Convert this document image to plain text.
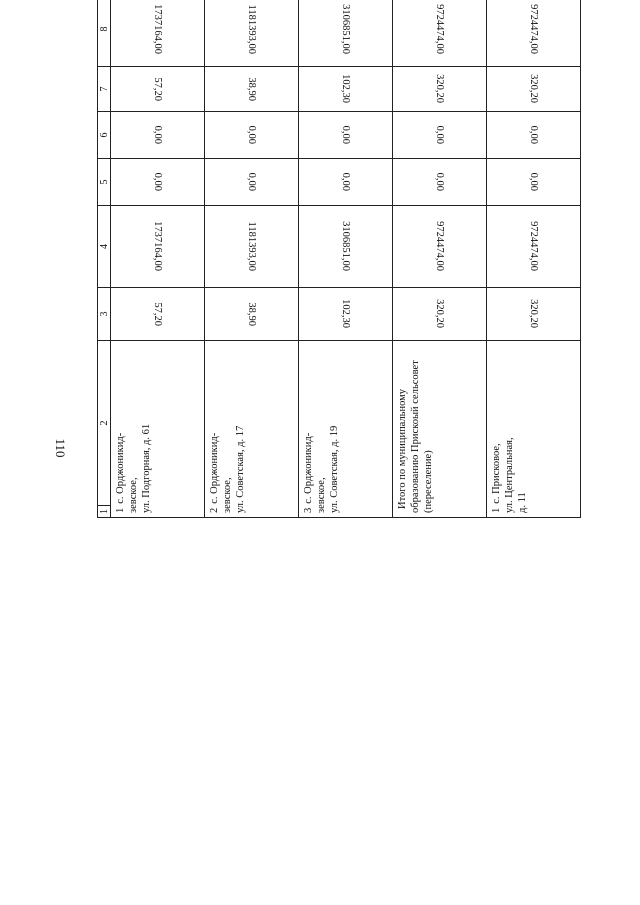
110
1	2	3	4	5	6	7	8								
1с. Орджоникид-
зевское,
ул. Подгорная, д. 61		57,20	1737164,00	0,00	0,00	57,20	1737164,00								
2с. Орджоникид-
зевское,
ул. Советская, д. 17		38,90	1181393,00	0,00	0,00	38,90	1181393,00								
3с. Орджоникид-
зевское,
ул. Советская, д. 19		102,30	3106851,00	0,00	0,00	102,30	3106851,00								
Итого по муниципальному образованию Прискоый сельсовет (переселение)		320,20	9724474,00	0,00	0,00	320,20	9724474,00								
1с. Присковое,
ул. Центральная,
д. 11		320,20	9724474,00	0,00	0,00	320,20	9724474,00								
